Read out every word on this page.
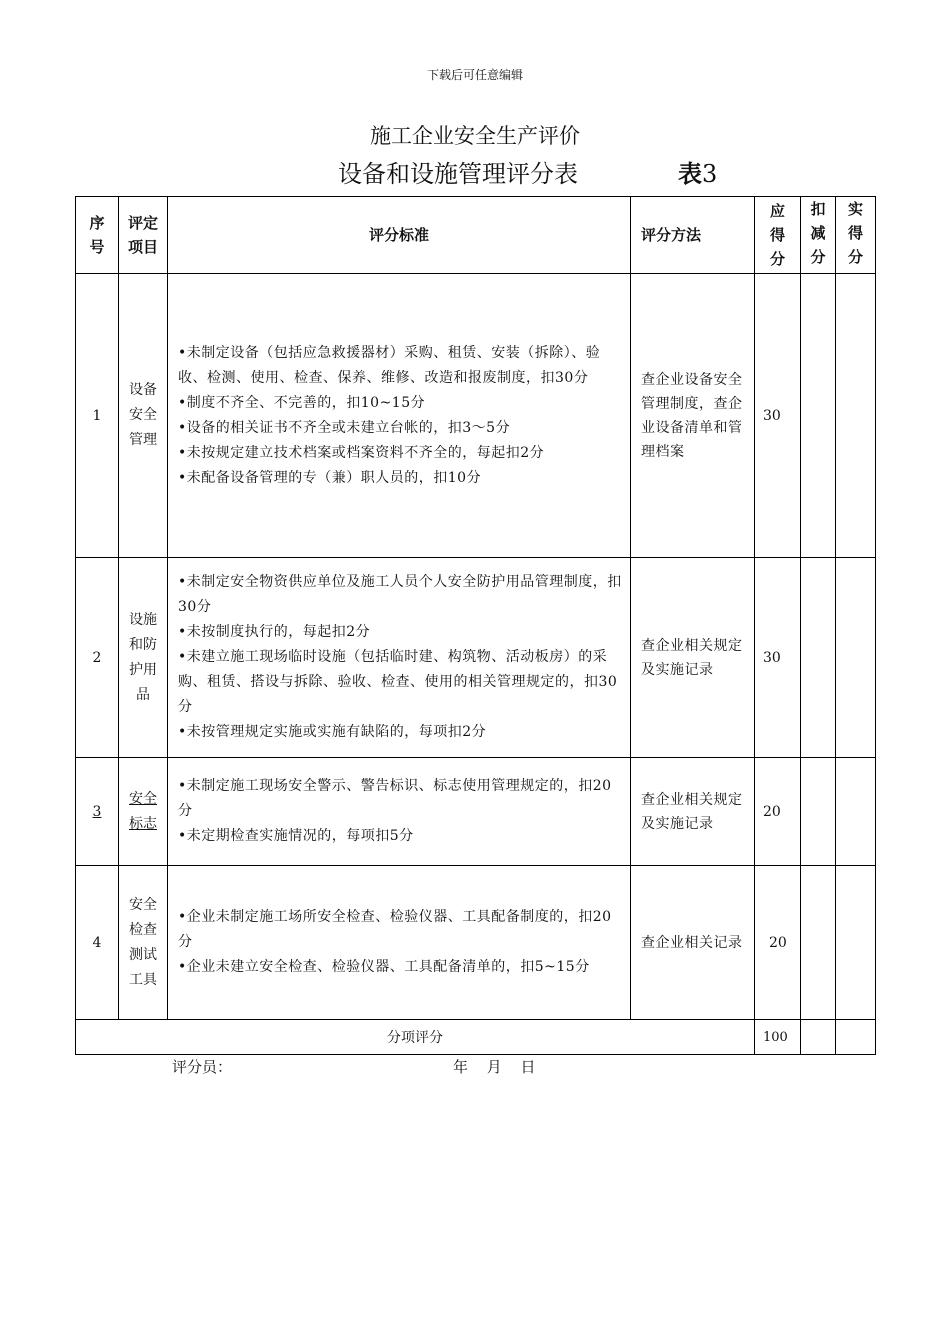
下载后可任意编辑
施工企业安全生产评价
设备和设施管理评分表	表3
序号	评定项目	评分标准	评分方法	应得分	扣减分	实得分
1	设备安全管理	•未制定设备（包括应急救援器材）采购、租赁、安装（拆除）、验收、检测、使用、检查、保养、维修、改造和报废制度，扣30分
•制度不齐全、不完善的，扣10~15分
•设备的相关证书不齐全或未建立台帐的，扣3～5分
•未按规定建立技术档案或档案资料不齐全的，每起扣2分
•未配备设备管理的专（兼）职人员的，扣10分	查企业设备安全管理制度，查企业设备清单和管理档案	30		
2	设施和防护用品	•未制定安全物资供应单位及施工人员个人安全防护用品管理制度，扣30分
•未按制度执行的，每起扣2分
•未建立施工现场临时设施（包括临时建、构筑物、活动板房）的采购、租赁、搭设与拆除、验收、检查、使用的相关管理规定的，扣30分
•未按管理规定实施或实施有缺陷的，每项扣2分	查企业相关规定及实施记录	30		
3	安全标志	•未制定施工现场安全警示、警告标识、标志使用管理规定的，扣20分
•未定期检查实施情况的，每项扣5分	查企业相关规定及实施记录	20		
4	安全检查测试工具	•企业未制定施工场所安全检查、检验仪器、工具配备制度的，扣20分
•企业未建立安全检查、检验仪器、工具配备清单的，扣5~15分	查企业相关记录	20		
分项评分				100		
评分员：	年 月 日
